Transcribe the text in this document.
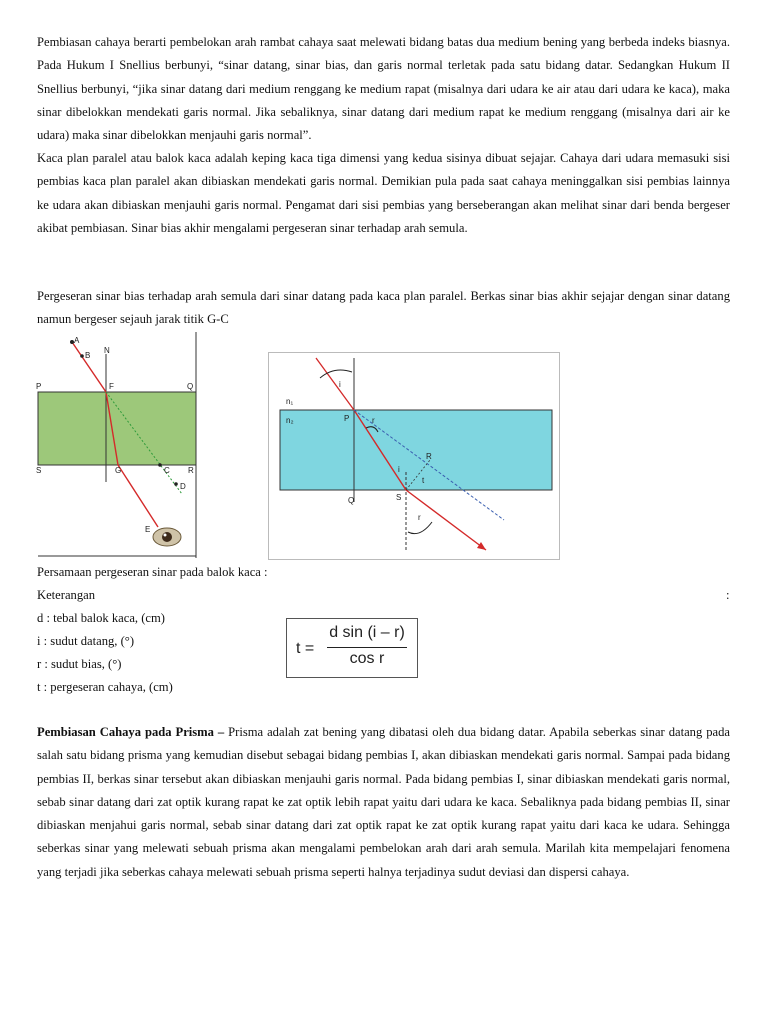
Pembiasan cahaya berarti pembelokan arah rambat cahaya saat melewati bidang batas dua medium bening yang berbeda indeks biasnya. Pada Hukum I Snellius berbunyi, “sinar datang, sinar bias, dan garis normal terletak pada satu bidang datar. Sedangkan Hukum II Snellius berbunyi, “jika sinar datang dari medium renggang ke medium rapat (misalnya dari udara ke air atau dari udara ke kaca), maka sinar dibelokkan mendekati garis normal. Jika sebaliknya, sinar datang dari medium rapat ke medium renggang (misalnya dari air ke udara) maka sinar dibelokkan menjauhi garis normal”.

Kaca plan paralel atau balok kaca adalah keping kaca tiga dimensi yang kedua sisinya dibuat sejajar. Cahaya dari udara memasuki sisi pembias kaca plan paralel akan dibiaskan mendekati garis normal. Demikian pula pada saat cahaya meninggalkan sisi pembias lainnya ke udara akan dibiaskan menjauhi garis normal. Pengamat dari sisi pembias yang berseberangan akan melihat sinar dari benda bergeser akibat pembiasan. Sinar bias akhir mengalami pergeseran sinar terhadap arah semula.

Pergeseran sinar bias terhadap arah semula dari sinar datang pada kaca plan paralel. Berkas sinar bias akhir sejajar dengan sinar datang namun bergeser sejauh jarak titik G-C

A
B
N
P	Q
F
S	G	C R
D
E
i
n₁
n₂	P	r
R
t
i
Q	S
r
Persamaan pergeseran sinar pada balok kaca :
Keterangan	:
d : tebal balok kaca, (cm)
i : sudut datang, (°)
r : sudut bias, (°)
t : pergeseran cahaya, (cm)
t =
d sin (i – r)
cos r

Pembiasan Cahaya pada Prisma – Prisma adalah zat bening yang dibatasi oleh dua bidang datar. Apabila seberkas sinar datang pada salah satu bidang prisma yang kemudian disebut sebagai bidang pembias I, akan dibiaskan mendekati garis normal. Sampai pada bidang pembias II, berkas sinar tersebut akan dibiaskan menjauhi garis normal. Pada bidang pembias I, sinar dibiaskan mendekati garis normal, sebab sinar datang dari zat optik kurang rapat ke zat optik lebih rapat yaitu dari udara ke kaca. Sebaliknya pada bidang pembias II, sinar dibiaskan menjahui garis normal, sebab sinar datang dari zat optik rapat ke zat optik kurang rapat yaitu dari kaca ke udara. Sehingga seberkas sinar yang melewati sebuah prisma akan mengalami pembelokan arah dari arah semula. Marilah kita mempelajari fenomena yang terjadi jika seberkas cahaya melewati sebuah prisma seperti halnya terjadinya sudut deviasi dan dispersi cahaya.
